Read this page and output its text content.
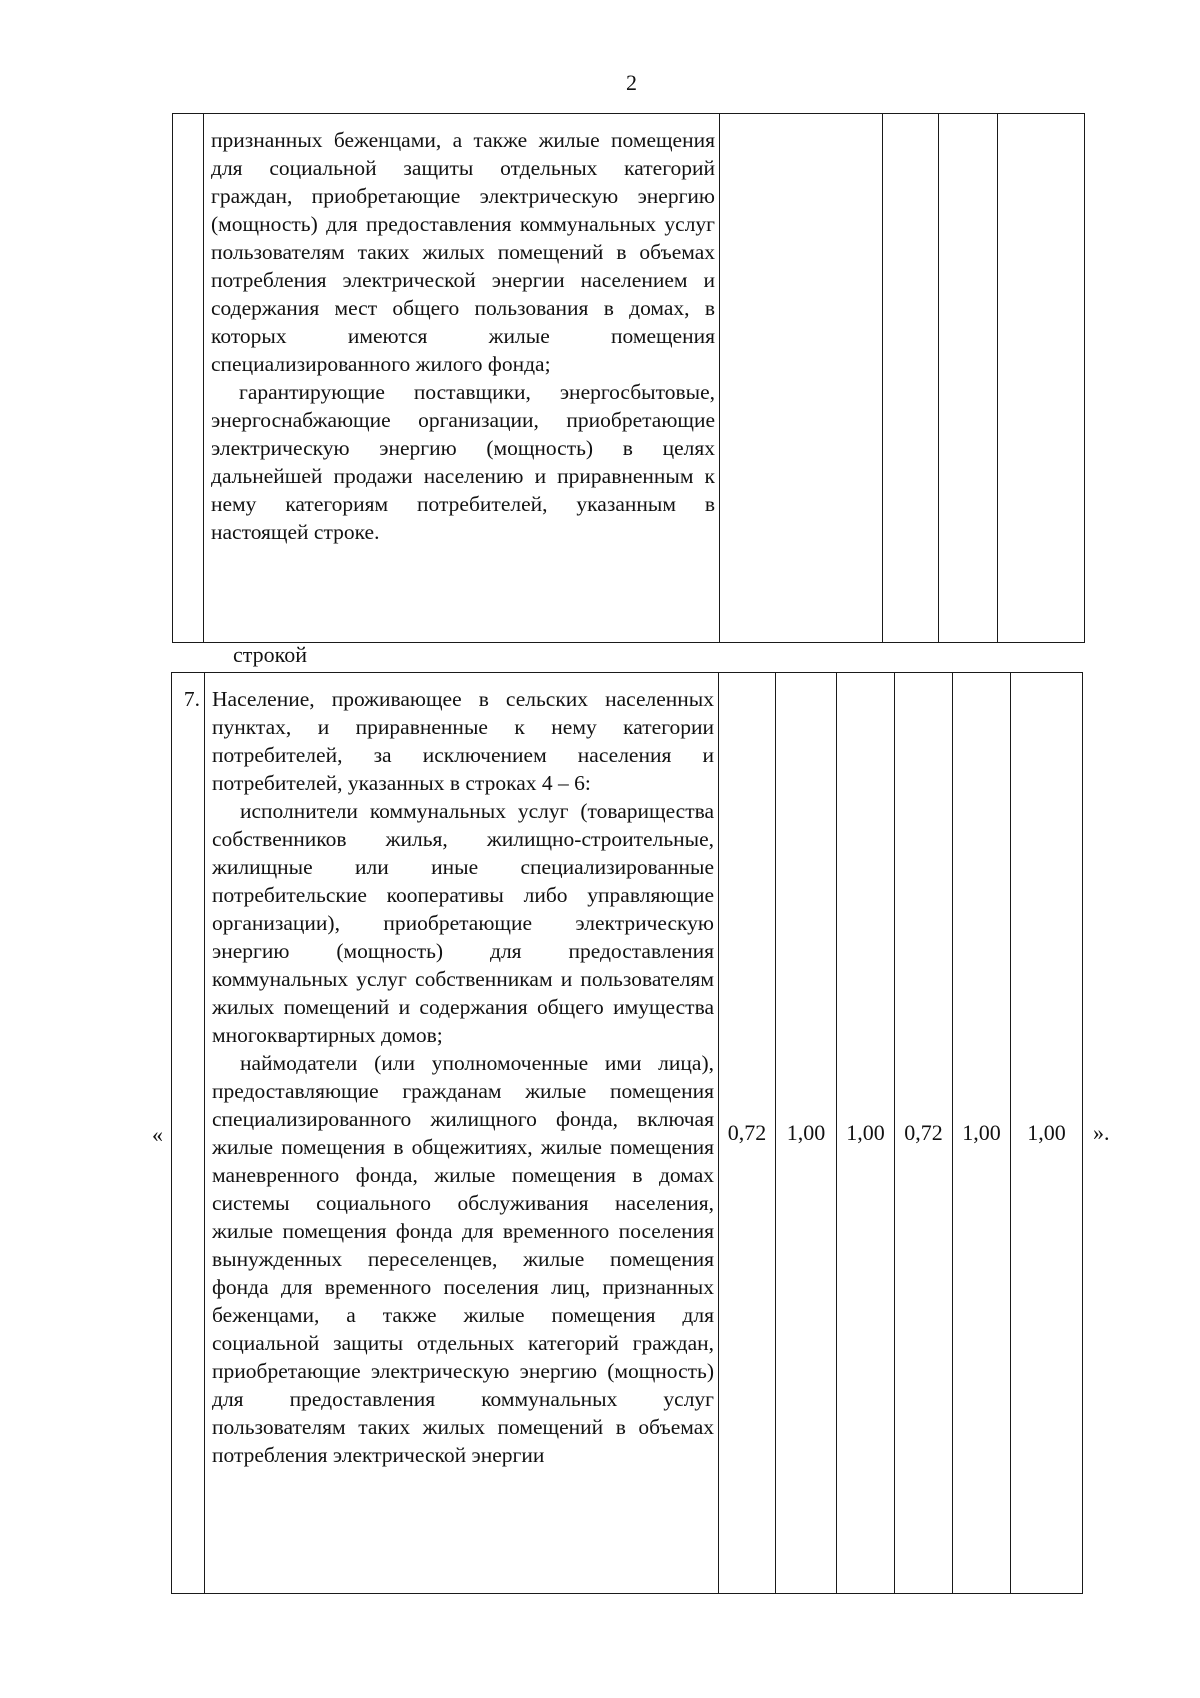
2

признанных беженцами, а также жилые помещения для социальной защиты отдельных категорий граждан, приобретающие электрическую энергию (мощность) для предоставления коммунальных услуг пользователям таких жилых помещений в объемах потребления электрической энергии населением и содержания мест общего пользования в домах, в которых имеются жилые помещения специализированного жилого фонда;

гарантирующие поставщики, энергосбытовые, энергоснабжающие организации, приобретающие электрическую энергию (мощность) в целях дальнейшей продажи населению и приравненным к нему категориям потребителей, указанным в настоящей строке.

строкой
«
7.	Население, проживающее в сельских населенных пунктах, и приравненные к нему категории потребителей, за исключением населения и потребителей, указанных в строках 4 – 6:

исполнители коммунальных услуг (товарищества собственников жилья, жилищно-строительные, жилищные или иные специализированные потребительские кооперативы либо управляющие организации), приобретающие электрическую энергию (мощность) для предоставления коммунальных услуг собственникам и пользователям жилых помещений и содержания общего имущества многоквартирных домов;

наймодатели (или уполномоченные ими лица), предоставляющие гражданам жилые помещения специализированного жилищного фонда, включая жилые помещения в общежитиях, жилые помещения маневренного фонда, жилые помещения в домах системы социального обслуживания населения, жилые помещения фонда для временного поселения вынужденных переселенцев, жилые помещения фонда для временного поселения лиц, признанных беженцами, а также жилые помещения для социальной защиты отдельных категорий граждан, приобретающие электрическую энергию (мощность) для предоставления коммунальных услуг пользователям таких жилых помещений в объемах потребления электрической энергии

	0,72	1,00	1,00	0,72	1,00	1,00 ».
